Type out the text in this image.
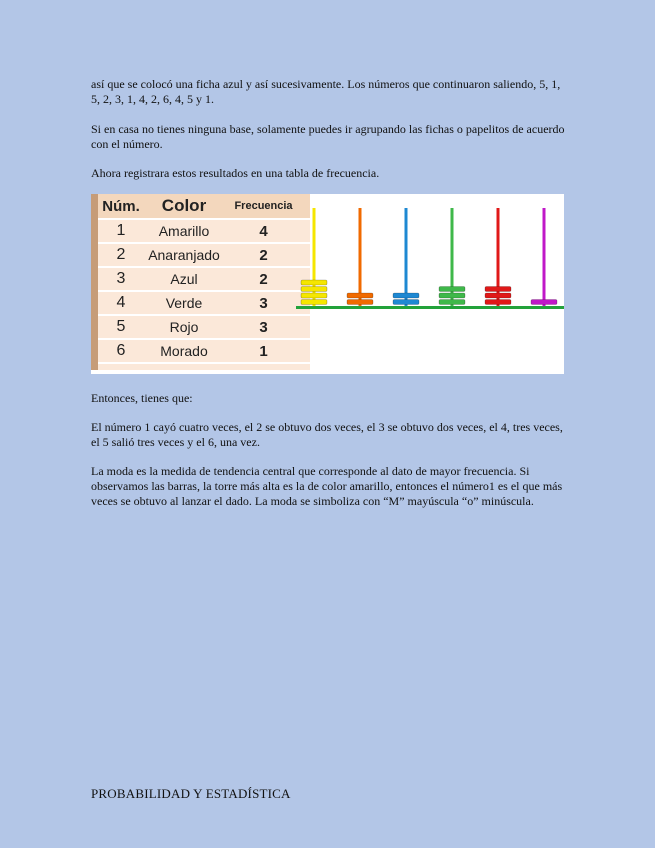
así que se colocó una ficha azul y así sucesivamente. Los números que continuaron saliendo, 5, 1, 5, 2, 3, 1, 4, 2, 6, 4, 5 y 1.

Si en casa no tienes ninguna base, solamente puedes ir agrupando las fichas o papelitos de acuerdo con el número.

Ahora registrara estos resultados en una tabla de frecuencia.

Núm.	Color	Frecuencia
1	Amarillo	4
2	Anaranjado	2
3	Azul	2
4	Verde	3
5	Rojo	3
6	Morado	1

Entonces, tienes que:

El número 1 cayó cuatro veces, el 2 se obtuvo dos veces, el 3 se obtuvo dos veces, el 4, tres veces, el 5 salió tres veces y el 6, una vez.

La moda es la medida de tendencia central que corresponde al dato de mayor frecuencia. Si observamos las barras, la torre más alta es la de color amarillo, entonces el número1 es el que más veces se obtuvo al lanzar el dado. La moda se simboliza con “M” mayúscula “o” minúscula.

PROBABILIDAD Y ESTADÍSTICA
